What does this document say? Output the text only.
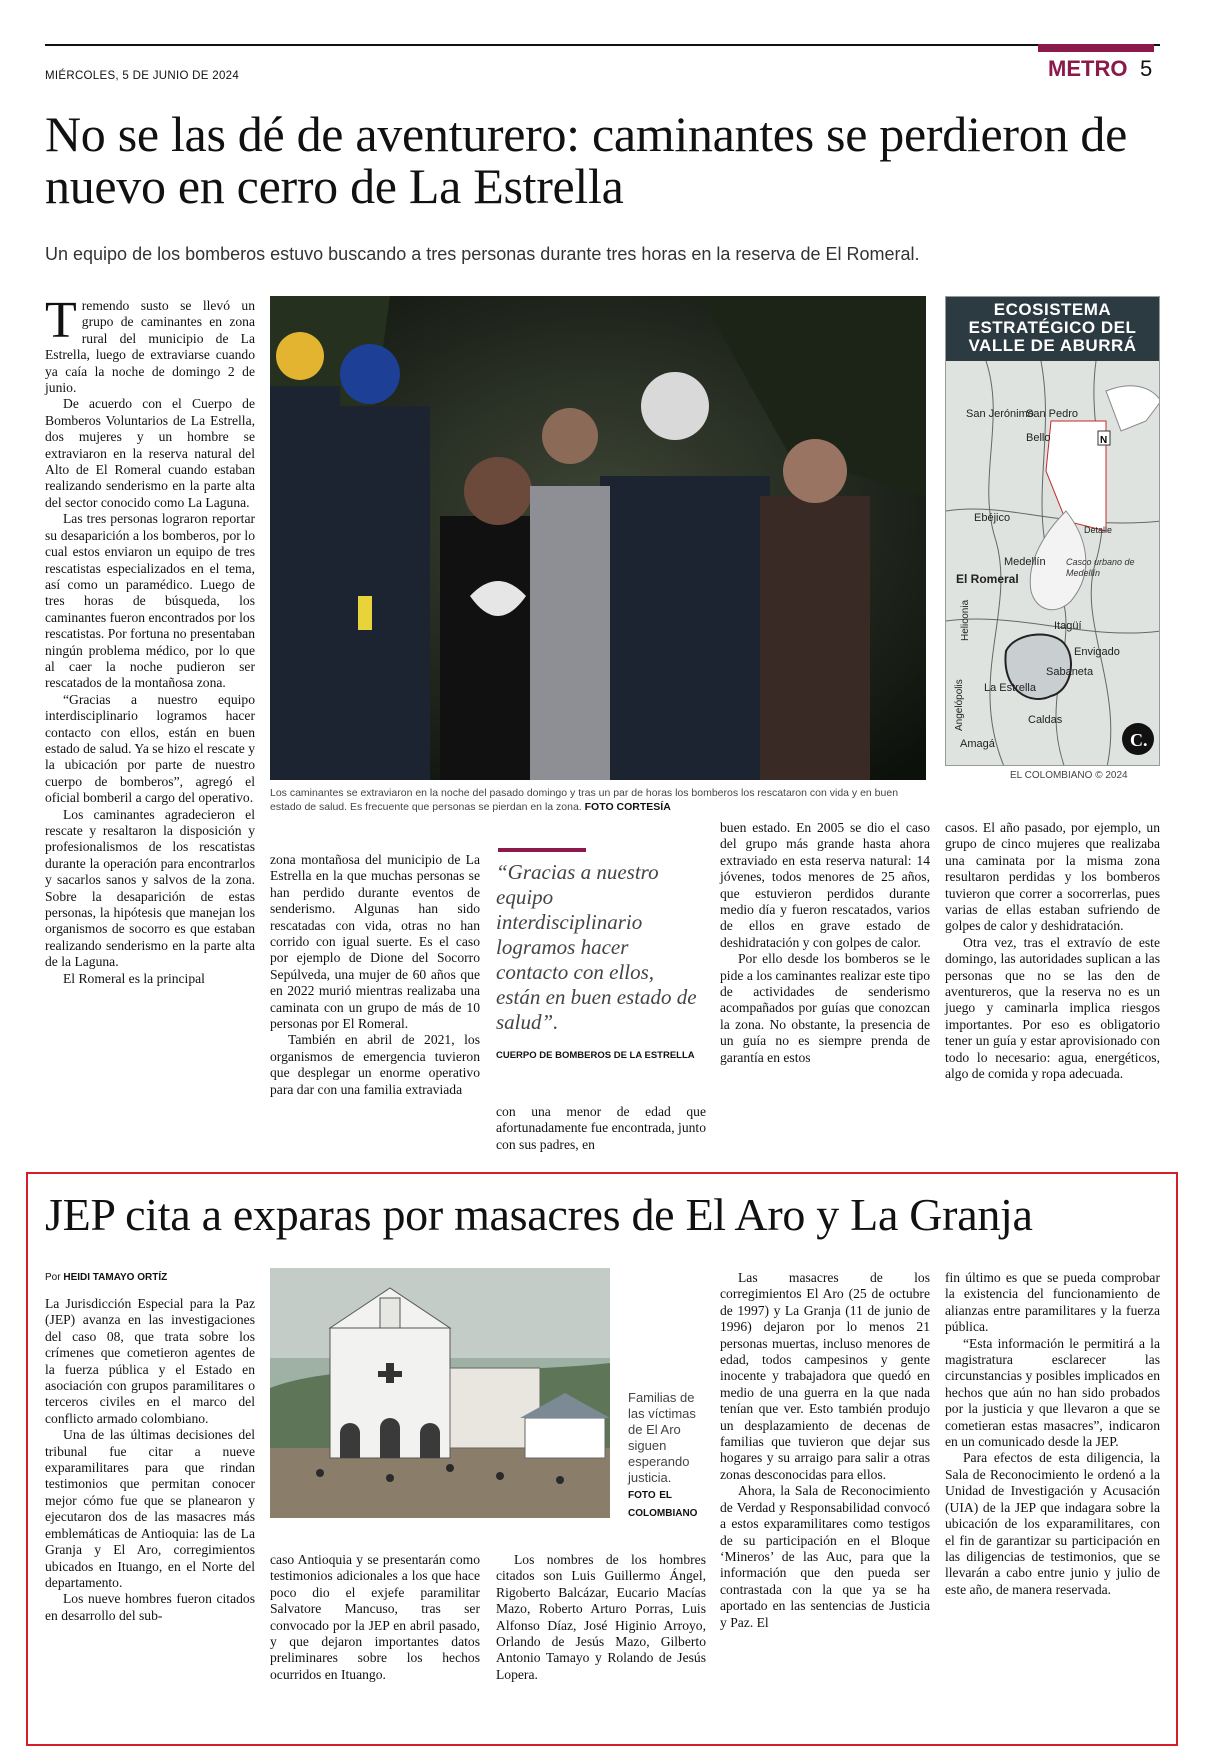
MIÉRCOLES, 5 DE JUNIO DE 2024	METRO 5
No se las dé de aventurero: caminantes se perdieron de nuevo en cerro de La Estrella
Un equipo de los bomberos estuvo buscando a tres personas durante tres horas en la reserva de El Romeral.

Tremendo susto se llevó un grupo de caminantes en zona rural del municipio de La Estrella, luego de extraviarse cuando ya caía la noche de domingo 2 de junio.

De acuerdo con el Cuerpo de Bomberos Voluntarios de La Estrella, dos mujeres y un hombre se extraviaron en la reserva natural del Alto de El Romeral cuando estaban realizando senderismo en la parte alta del sector conocido como La Laguna.

Las tres personas lograron reportar su desaparición a los bomberos, por lo cual estos enviaron un equipo de tres rescatistas especializados en el tema, así como un paramédico. Luego de tres horas de búsqueda, los caminantes fueron encontrados por los rescatistas. Por fortuna no presentaban ningún problema médico, por lo que al caer la noche pudieron ser rescatados de la montañosa zona.

“Gracias a nuestro equipo interdisciplinario logramos hacer contacto con ellos, están en buen estado de salud. Ya se hizo el rescate y la ubicación por parte de nuestro cuerpo de bomberos”, agregó el oficial bomberil a cargo del operativo.

Los caminantes agradecieron el rescate y resaltaron la disposición y profesionalismos de los rescatistas durante la operación para encontrarlos y sacarlos sanos y salvos de la zona. Sobre la desaparición de estas personas, la hipótesis que manejan los organismos de socorro es que estaban realizando senderismo en la parte alta de la Laguna.

El Romeral es la principal

Los caminantes se extraviaron en la noche del pasado domingo y tras un par de horas los bomberos los rescataron con vida y en buen estado de salud. Es frecuente que personas se pierdan en la zona. FOTO CORTESÍA
ECOSISTEMA ESTRATÉGICO DEL VALLE DE ABURRÁ
N
San Jerónimo
San Pedro
Bello
Ebéjico
Detalle
Medellín
El Romeral
Itagüí
Envigado
Sabaneta
La Estrella
Caldas
Amagá
Casco urbano de Medellín
Heliconia
Angelópolis
C.
EL COLOMBIANO © 2024

zona montañosa del municipio de La Estrella en la que muchas personas se han perdido durante eventos de senderismo. Algunas han sido rescatadas con vida, otras no han corrido con igual suerte. Es el caso por ejemplo de Dione del Socorro Sepúlveda, una mujer de 60 años que en 2022 murió mientras realizaba una caminata con un grupo de más de 10 personas por El Romeral.

También en abril de 2021, los organismos de emergencia tuvieron que desplegar un enorme operativo para dar con una familia extraviada

“Gracias a nuestro equipo interdisciplinario logramos hacer contacto con ellos, están en buen estado de salud”.
CUERPO DE BOMBEROS DE LA ESTRELLA

con una menor de edad que afortunadamente fue encontrada, junto con sus padres, en

buen estado. En 2005 se dio el caso del grupo más grande hasta ahora extraviado en esta reserva natural: 14 jóvenes, todos menores de 25 años, que estuvieron perdidos durante medio día y fueron rescatados, varios de ellos en grave estado de deshidratación y con golpes de calor.

Por ello desde los bomberos se le pide a los caminantes realizar este tipo de actividades de senderismo acompañados por guías que conozcan la zona. No obstante, la presencia de un guía no es siempre prenda de garantía en estos

casos. El año pasado, por ejemplo, un grupo de cinco mujeres que realizaba una caminata por la misma zona resultaron perdidas y los bomberos tuvieron que correr a socorrerlas, pues varias de ellas estaban sufriendo de golpes de calor y deshidratación.

Otra vez, tras el extravío de este domingo, las autoridades suplican a las personas que no se las den de aventureros, que la reserva no es un juego y caminarla implica riesgos importantes. Por eso es obligatorio tener un guía y estar aprovisionado con todo lo necesario: agua, energéticos, algo de comida y ropa adecuada.

JEP cita a exparas por masacres de El Aro y La Granja
Por HEIDI TAMAYO ORTÍZ

La Jurisdicción Especial para la Paz (JEP) avanza en las investigaciones del caso 08, que trata sobre los crímenes que cometieron agentes de la fuerza pública y el Estado en asociación con grupos paramilitares o terceros civiles en el marco del conflicto armado colombiano.

Una de las últimas decisiones del tribunal fue citar a nueve exparamilitares para que rindan testimonios que permitan conocer mejor cómo fue que se planearon y ejecutaron dos de las masacres más emblemáticas de Antioquia: las de La Granja y El Aro, corregimientos ubicados en Ituango, en el Norte del departamento.

Los nueve hombres fueron citados en desarrollo del sub-

Familias de las víctimas de El Aro siguen esperando justicia.
FOTO EL COLOMBIANO

caso Antioquia y se presentarán como testimonios adicionales a los que hace poco dio el exjefe paramilitar Salvatore Mancuso, tras ser convocado por la JEP en abril pasado, y que dejaron importantes datos preliminares sobre los hechos ocurridos en Ituango.

Los nombres de los hombres citados son Luis Guillermo Ángel, Rigoberto Balcázar, Eucario Macías Mazo, Roberto Arturo Porras, Luis Alfonso Díaz, José Higinio Arroyo, Orlando de Jesús Mazo, Gilberto Antonio Tamayo y Rolando de Jesús Lopera.

Las masacres de los corregimientos El Aro (25 de octubre de 1997) y La Granja (11 de junio de 1996) dejaron por lo menos 21 personas muertas, incluso menores de edad, todos campesinos y gente inocente y trabajadora que quedó en medio de una guerra en la que nada tenían que ver. Esto también produjo un desplazamiento de decenas de familias que tuvieron que dejar sus hogares y su arraigo para salir a otras zonas desconocidas para ellos.

Ahora, la Sala de Reconocimiento de Verdad y Responsabilidad convocó a estos exparamilitares como testigos de su participación en el Bloque ‘Mineros’ de las Auc, para que la información que den pueda ser contrastada con la que ya se ha aportado en las sentencias de Justicia y Paz. El

fin último es que se pueda comprobar la existencia del funcionamiento de alianzas entre paramilitares y la fuerza pública.

“Esta información le permitirá a la magistratura esclarecer las circunstancias y posibles implicados en hechos que aún no han sido probados por la justicia y que llevaron a que se cometieran estas masacres”, indicaron en un comunicado desde la JEP.

Para efectos de esta diligencia, la Sala de Reconocimiento le ordenó a la Unidad de Investigación y Acusación (UIA) de la JEP que indagara sobre la ubicación de los exparamilitares, con el fin de garantizar su participación en las diligencias de testimonios, que se llevarán a cabo entre junio y julio de este año, de manera reservada.
